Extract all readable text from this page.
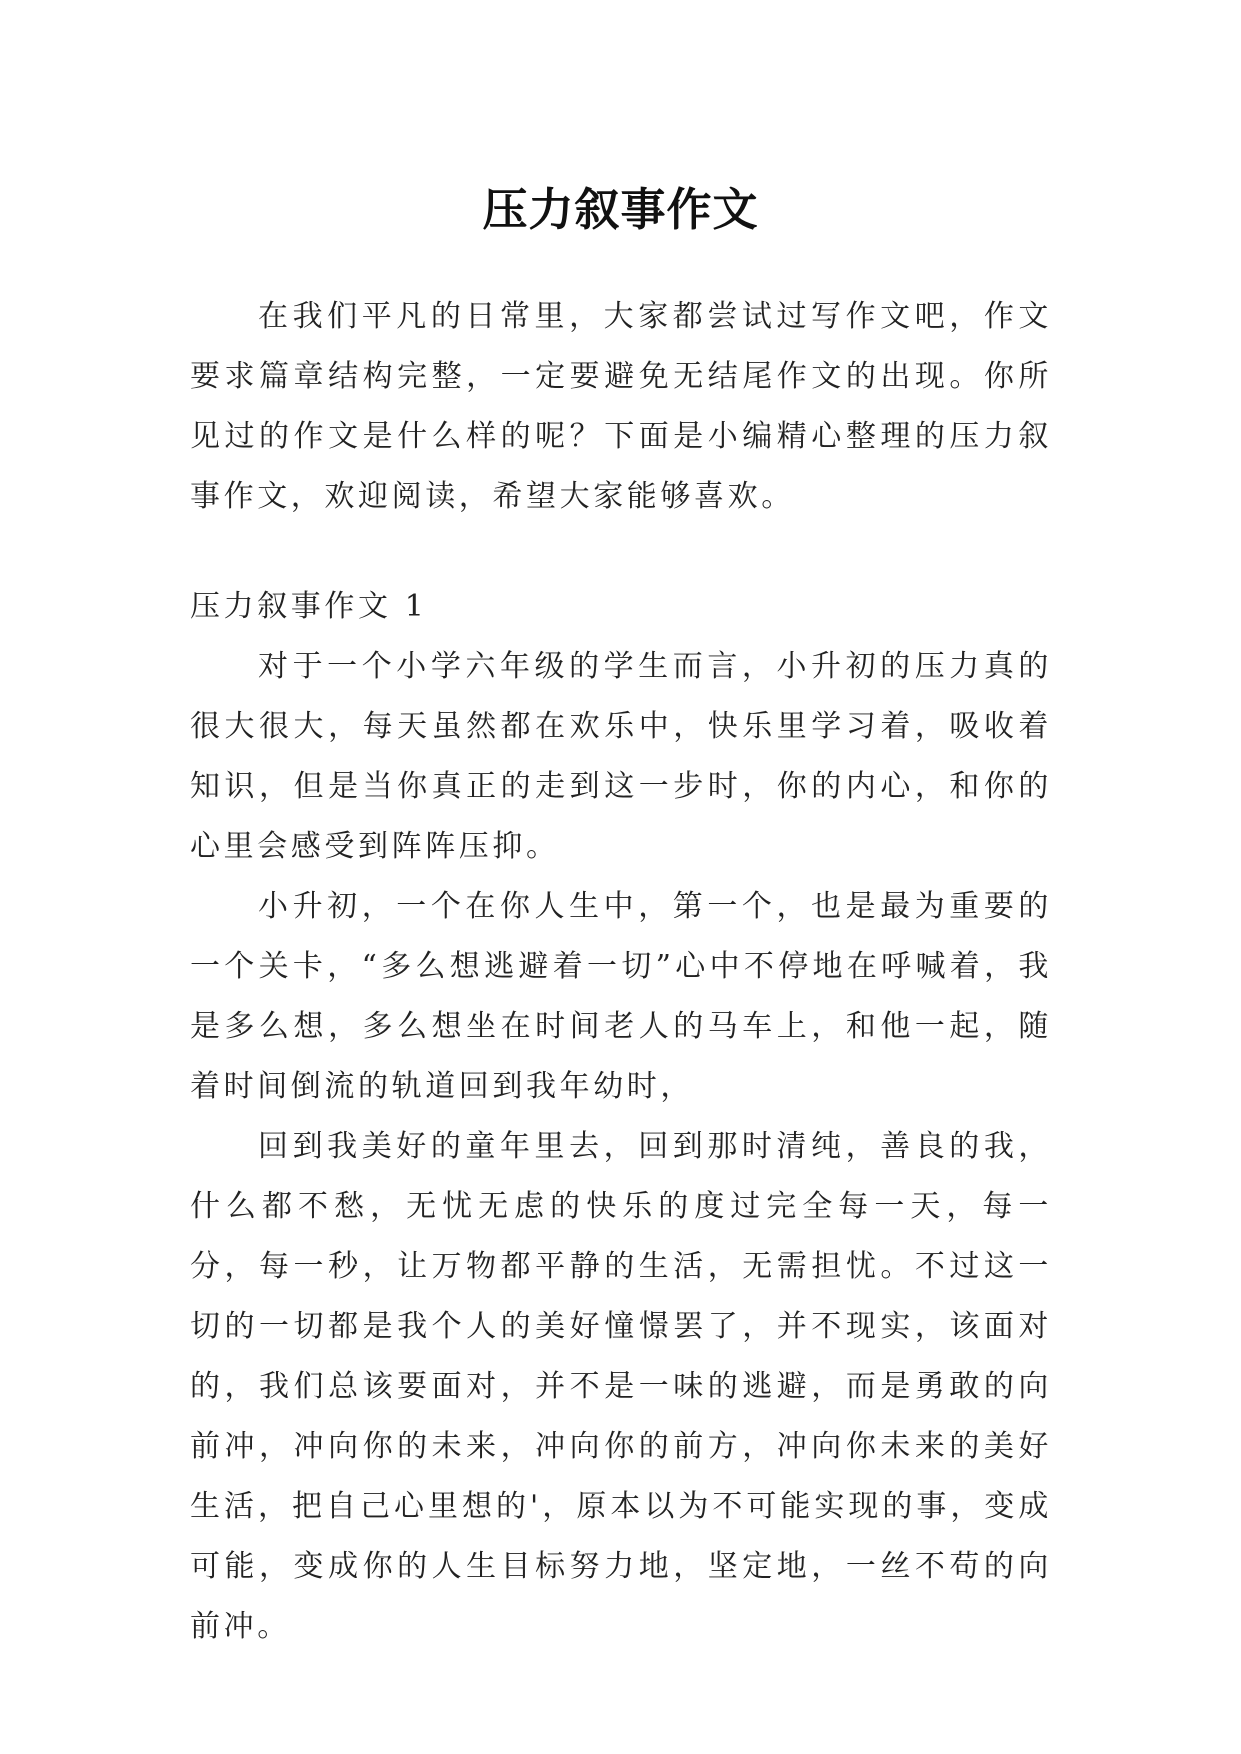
压力叙事作文

在我们平凡的日常里，大家都尝试过写作文吧，作文要求篇章结构完整，一定要避免无结尾作文的出现。你所见过的作文是什么样的呢？下面是小编精心整理的压力叙事作文，欢迎阅读，希望大家能够喜欢。

压力叙事作文 1

对于一个小学六年级的学生而言，小升初的压力真的很大很大，每天虽然都在欢乐中，快乐里学习着，吸收着知识，但是当你真正的走到这一步时，你的内心，和你的心里会感受到阵阵压抑。

小升初，一个在你人生中，第一个，也是最为重要的一个关卡，“多么想逃避着一切”心中不停地在呼喊着，我是多么想，多么想坐在时间老人的马车上，和他一起，随着时间倒流的轨道回到我年幼时，

回到我美好的童年里去，回到那时清纯，善良的我，什么都不愁，无忧无虑的快乐的度过完全每一天，每一分，每一秒，让万物都平静的生活，无需担忧。不过这一切的一切都是我个人的美好憧憬罢了，并不现实，该面对的，我们总该要面对，并不是一味的逃避，而是勇敢的向前冲，冲向你的未来，冲向你的前方，冲向你未来的美好生活，把自己心里想的'，原本以为不可能实现的事，变成可能，变成你的人生目标努力地，坚定地，一丝不苟的向前冲。
